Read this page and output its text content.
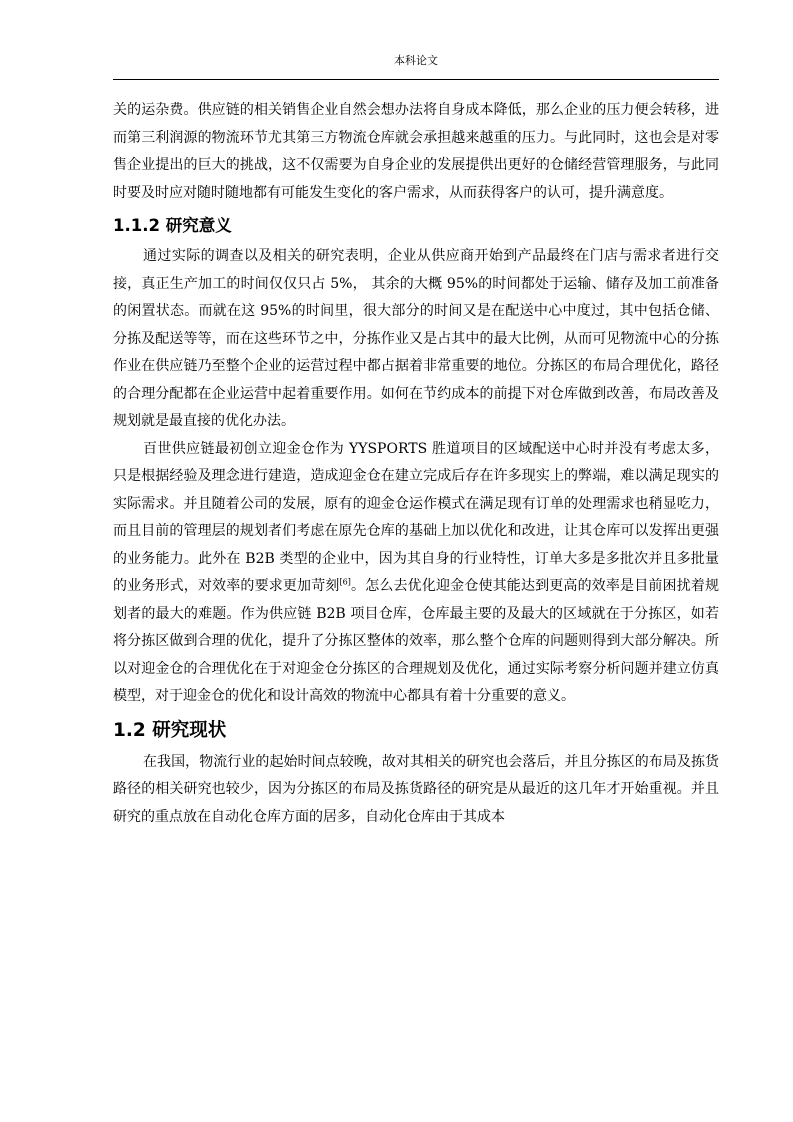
本科论文

关的运杂费。供应链的相关销售企业自然会想办法将自身成本降低，那么企业的压力便会转移，进而第三利润源的物流环节尤其第三方物流仓库就会承担越来越重的压力。与此同时，这也会是对零售企业提出的巨大的挑战，这不仅需要为自身企业的发展提供出更好的仓储经营管理服务，与此同时要及时应对随时随地都有可能发生变化的客户需求，从而获得客户的认可，提升满意度。

1.1.2 研究意义

通过实际的调查以及相关的研究表明，企业从供应商开始到产品最终在门店与需求者进行交接，真正生产加工的时间仅仅只占 5%， 其余的大概 95%的时间都处于运输、储存及加工前准备的闲置状态。而就在这 95%的时间里，很大部分的时间又是在配送中心中度过，其中包括仓储、分拣及配送等等，而在这些环节之中，分拣作业又是占其中的最大比例，从而可见物流中心的分拣作业在供应链乃至整个企业的运营过程中都占据着非常重要的地位。分拣区的布局合理优化，路径的合理分配都在企业运营中起着重要作用。如何在节约成本的前提下对仓库做到改善，布局改善及规划就是最直接的优化办法。

百世供应链最初创立迎金仓作为 YYSPORTS 胜道项目的区域配送中心时并没有考虑太多，只是根据经验及理念进行建造，造成迎金仓在建立完成后存在许多现实上的弊端，难以满足现实的实际需求。并且随着公司的发展，原有的迎金仓运作模式在满足现有订单的处理需求也稍显吃力，而且目前的管理层的规划者们考虑在原先仓库的基础上加以优化和改进，让其仓库可以发挥出更强的业务能力。此外在 B2B 类型的企业中，因为其自身的行业特性，订单大多是多批次并且多批量的业务形式，对效率的要求更加苛刻[6]。怎么去优化迎金仓使其能达到更高的效率是目前困扰着规划者的最大的难题。作为供应链 B2B 项目仓库，仓库最主要的及最大的区域就在于分拣区，如若将分拣区做到合理的优化，提升了分拣区整体的效率，那么整个仓库的问题则得到大部分解决。所以对迎金仓的合理优化在于对迎金仓分拣区的合理规划及优化，通过实际考察分析问题并建立仿真模型，对于迎金仓的优化和设计高效的物流中心都具有着十分重要的意义。

1.2 研究现状

在我国，物流行业的起始时间点较晚，故对其相关的研究也会落后，并且分拣区的布局及拣货路径的相关研究也较少，因为分拣区的布局及拣货路径的研究是从最近的这几年才开始重视。并且研究的重点放在自动化仓库方面的居多，自动化仓库由于其成本
